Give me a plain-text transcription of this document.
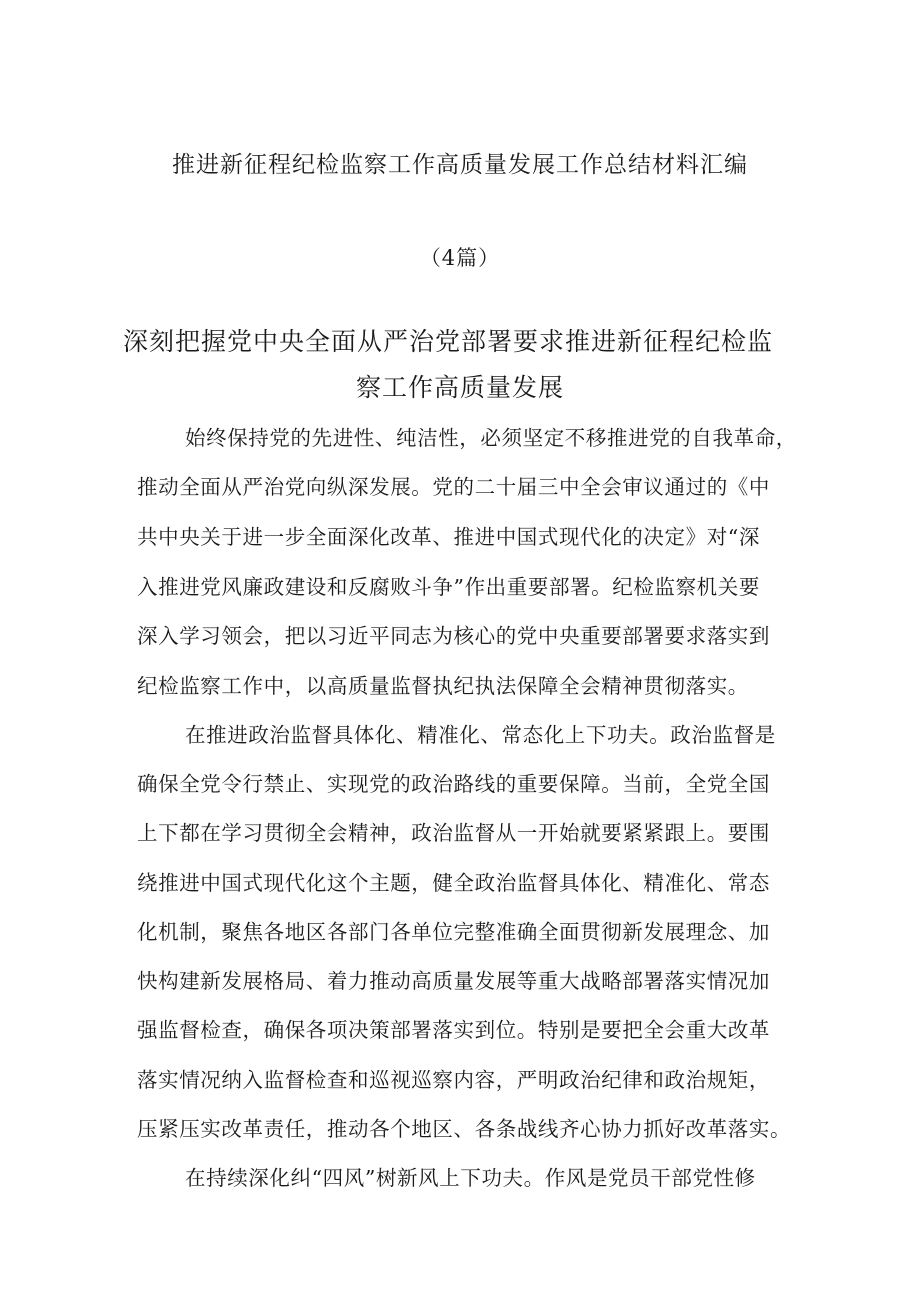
推进新征程纪检监察工作高质量发展工作总结材料汇编
（4篇）
深刻把握党中央全面从严治党部署要求推进新征程纪检监
察工作高质量发展
始终保持党的先进性、纯洁性，必须坚定不移推进党的自我革命，
推动全面从严治党向纵深发展。党的二十届三中全会审议通过的《中
共中央关于进一步全面深化改革、推进中国式现代化的决定》对“深
入推进党风廉政建设和反腐败斗争”作出重要部署。纪检监察机关要
深入学习领会，把以习近平同志为核心的党中央重要部署要求落实到
纪检监察工作中，以高质量监督执纪执法保障全会精神贯彻落实。
在推进政治监督具体化、精准化、常态化上下功夫。政治监督是
确保全党令行禁止、实现党的政治路线的重要保障。当前，全党全国
上下都在学习贯彻全会精神，政治监督从一开始就要紧紧跟上。要围
绕推进中国式现代化这个主题，健全政治监督具体化、精准化、常态
化机制，聚焦各地区各部门各单位完整准确全面贯彻新发展理念、加
快构建新发展格局、着力推动高质量发展等重大战略部署落实情况加
强监督检查，确保各项决策部署落实到位。特别是要把全会重大改革
落实情况纳入监督检查和巡视巡察内容，严明政治纪律和政治规矩，
压紧压实改革责任，推动各个地区、各条战线齐心协力抓好改革落实。
在持续深化纠“四风”树新风上下功夫。作风是党员干部党性修
